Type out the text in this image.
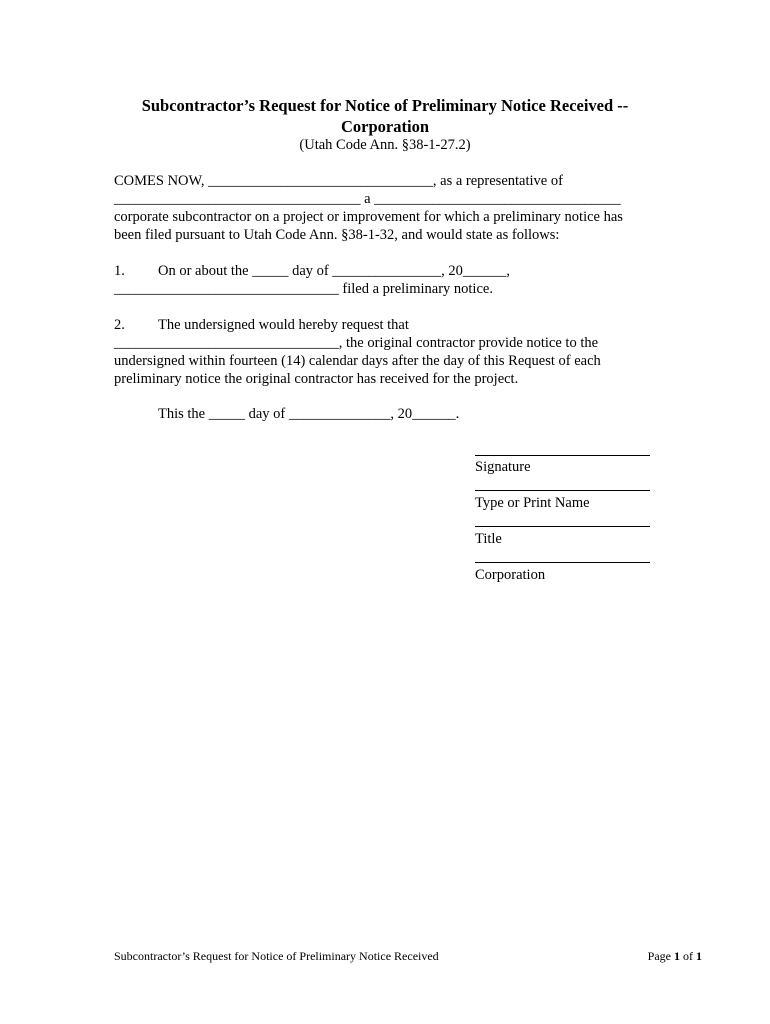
Subcontractor’s Request for Notice of Preliminary Notice Received --
Corporation
(Utah Code Ann. §38-1-27.2)
COMES NOW, _______________________________, as a representative of
__________________________________ a __________________________________
corporate subcontractor on a project or improvement for which a preliminary notice has
been filed pursuant to Utah Code Ann. §38-1-32, and would state as follows:
1. On or about the _____ day of _______________, 20______,
_______________________________ filed a preliminary notice.
2. The undersigned would hereby request that
_______________________________, the original contractor provide notice to the
undersigned within fourteen (14) calendar days after the day of this Request of each
preliminary notice the original contractor has received for the project.
This the _____ day of ______________, 20______.
Signature
Type or Print Name
Title
Corporation
Subcontractor’s Request for Notice of Preliminary Notice Received	Page 1 of 1
